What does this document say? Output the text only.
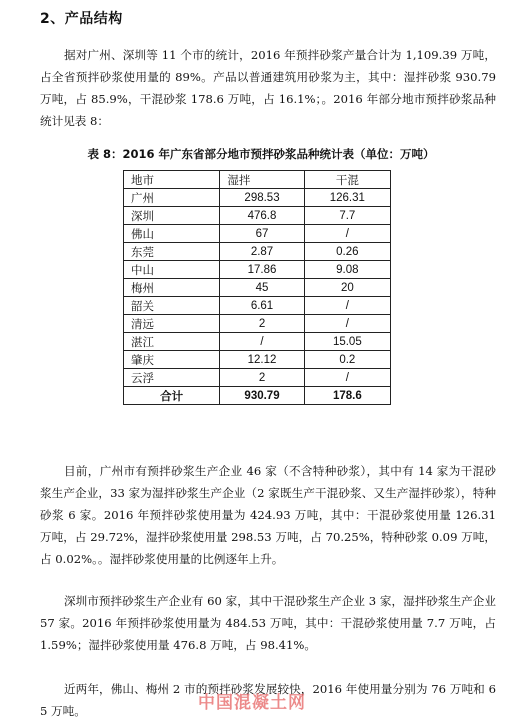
2、产品结构
据对广州、深圳等 11 个市的统计，2016 年预拌砂浆产量合计为 1,109.39 万吨，占全省预拌砂浆使用量的 89%。产品以普通建筑用砂浆为主，其中：湿拌砂浆 930.79 万吨，占 85.9%，干混砂浆 178.6 万吨，占 16.1%；。2016 年部分地市预拌砂浆品种统计见表 8：
表 8：2016 年广东省部分地市预拌砂浆品种统计表（单位：万吨）
地市	湿拌	干混
广州	298.53	126.31
深圳	476.8	7.7
佛山	67	/
东莞	2.87	0.26
中山	17.86	9.08
梅州	45	20
韶关	6.61	/
清远	2	/
湛江	/	15.05
肇庆	12.12	0.2
云浮	2	/
合计	930.79	178.6
目前，广州市有预拌砂浆生产企业 46 家（不含特种砂浆），其中有 14 家为干混砂浆生产企业，33 家为湿拌砂浆生产企业（2 家既生产干混砂浆、又生产湿拌砂浆），特种砂浆 6 家。2016 年预拌砂浆使用量为 424.93 万吨，其中：干混砂浆使用量 126.31 万吨，占 29.72%，湿拌砂浆使用量 298.53 万吨，占 70.25%，特种砂浆 0.09 万吨，占 0.02%。。湿拌砂浆使用量的比例逐年上升。
深圳市预拌砂浆生产企业有 60 家，其中干混砂浆生产企业 3 家，湿拌砂浆生产企业 57 家。2016 年预拌砂浆使用量为 484.53 万吨，其中：干混砂浆使用量 7.7 万吨，占 1.59%；湿拌砂浆使用量 476.8 万吨，占 98.41%。
近两年，佛山、梅州 2 市的预拌砂浆发展较快，2016 年使用量分别为 76 万吨和 65 万吨。	中国混凝土网
